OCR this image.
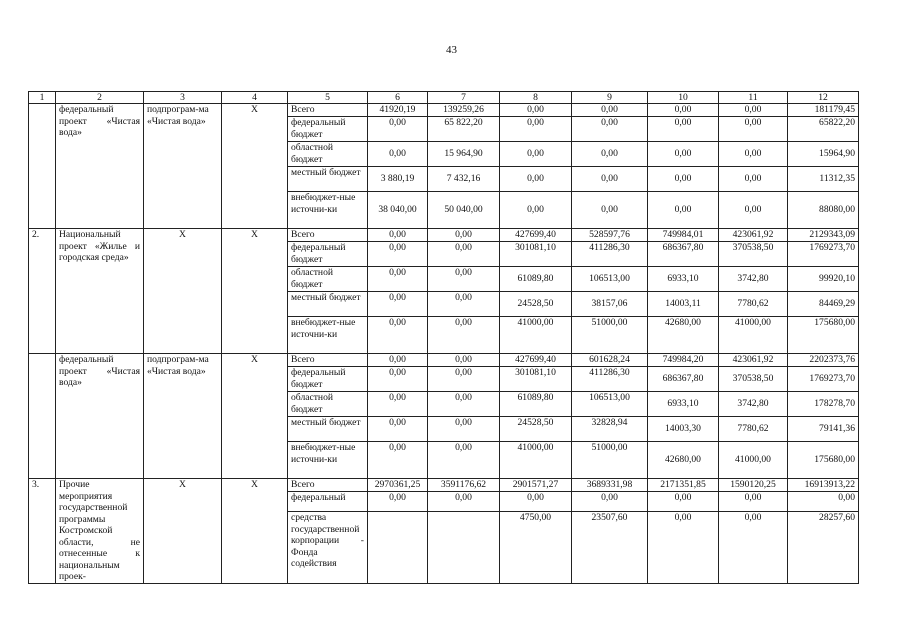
43
1	2	3	4	5	6	7	8	9	10	11	12
	федеральный проект «Чистая вода»	подпрограм-ма «Чистая вода»	X	Всего	41920,19	139259,26	0,00	0,00	0,00	0,00	181179,45
				федеральный бюджет	0,00	65 822,20	0,00	0,00	0,00	0,00	65822,20
				областной бюджет	0,00	15 964,90	0,00	0,00	0,00	0,00	15964,90
				местный бюджет	3 880,19	7 432,16	0,00	0,00	0,00	0,00	11312,35
				внебюджет-ные источни-ки	38 040,00	50 040,00	0,00	0,00	0,00	0,00	88080,00
2.	Национальный проект «Жилье и городская среда»	X	X	Всего	0,00	0,00	427699,40	528597,76	749984,01	423061,92	2129343,09
				федеральный бюджет	0,00	0,00	301081,10	411286,30	686367,80	370538,50	1769273,70
				областной бюджет	0,00	0,00	61089,80	106513,00	6933,10	3742,80	99920,10
				местный бюджет	0,00	0,00	24528,50	38157,06	14003,11	7780,62	84469,29
				внебюджет-ные источни-ки	0,00	0,00	41000,00	51000,00	42680,00	41000,00	175680,00
	федеральный проект «Чистая вода»	подпрограм-ма «Чистая вода»	X	Всего	0,00	0,00	427699,40	601628,24	749984,20	423061,92	2202373,76
				федеральный бюджет	0,00	0,00	301081,10	411286,30	686367,80	370538,50	1769273,70
				областной бюджет	0,00	0,00	61089,80	106513,00	6933,10	3742,80	178278,70
				местный бюджет	0,00	0,00	24528,50	32828,94	14003,30	7780,62	79141,36
				внебюджет-ные источни-ки	0,00	0,00	41000,00	51000,00	42680,00	41000,00	175680,00
3.	Прочие мероприятия государственной программы Костромской области, не отнесенные к национальным проек-	X	X	Всего	2970361,25	3591176,62	2901571,27	3689331,98	2171351,85	1590120,25	16913913,22
				федеральный	0,00	0,00	0,00	0,00	0,00	0,00	0,00
				средства государственной корпорации - Фонда содействия			4750,00	23507,60	0,00	0,00	28257,60
